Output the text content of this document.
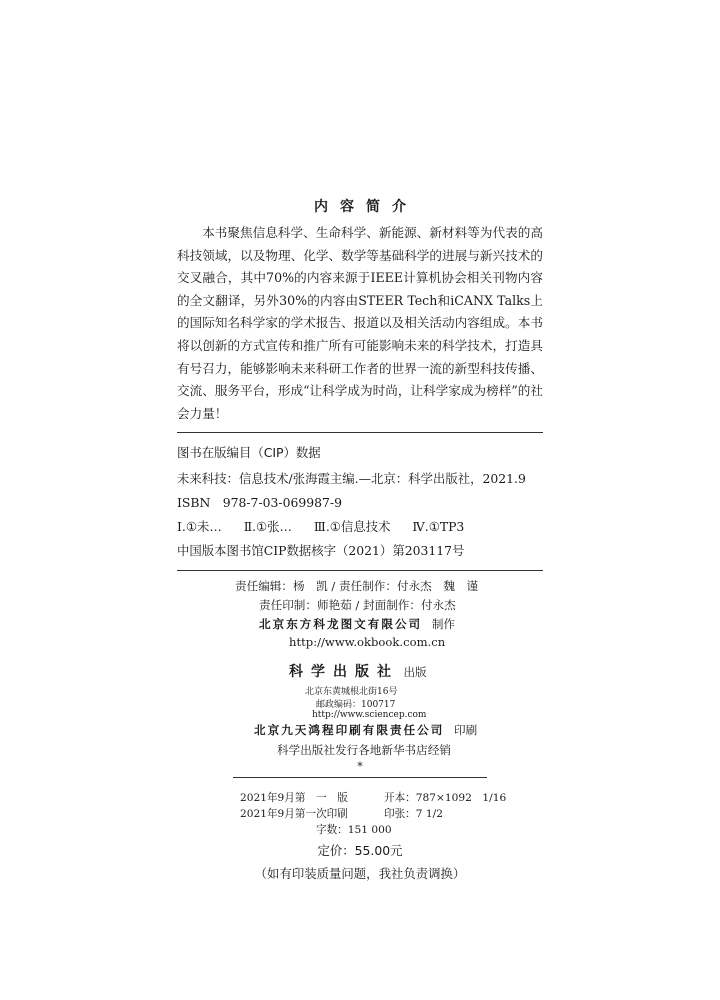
内容简介
本书聚焦信息科学、生命科学、新能源、新材料等为代表的高科技领域，以及物理、化学、数学等基础科学的进展与新兴技术的交叉融合，其中70%的内容来源于IEEE计算机协会相关刊物内容的全文翻译，另外30%的内容由STEER Tech和iCANX Talks上的国际知名科学家的学术报告、报道以及相关活动内容组成。本书将以创新的方式宣传和推广所有可能影响未来的科学技术，打造具有号召力，能够影响未来科研工作者的世界一流的新型科技传播、交流、服务平台，形成“让科学成为时尚，让科学家成为榜样”的社会力量！
图书在版编目（CIP）数据
未来科技：信息技术/张海霞主编.—北京：科学出版社，2021.9
ISBN　978-7-03-069987-9
Ⅰ.①未… Ⅱ.①张… Ⅲ.①信息技术 Ⅳ.①TP3
中国版本图书馆CIP数据核字（2021）第203117号
责任编辑：杨　凯 / 责任制作：付永杰　魏　谨
责任印制：师艳茹 / 封面制作：付永杰
北京东方科龙图文有限公司 制作
http://www.okbook.com.cn
科学出版社 出版
北京东黄城根北街16号
邮政编码：100717
http://www.sciencep.com
北京九天鸿程印刷有限责任公司 印刷
科学出版社发行各地新华书店经销
*
2021年9月第　一　版	开本：787×1092　1/16
2021年9月第一次印刷	印张：7 1/2
字数：151 000
定价：55.00元
（如有印装质量问题，我社负责调换）
